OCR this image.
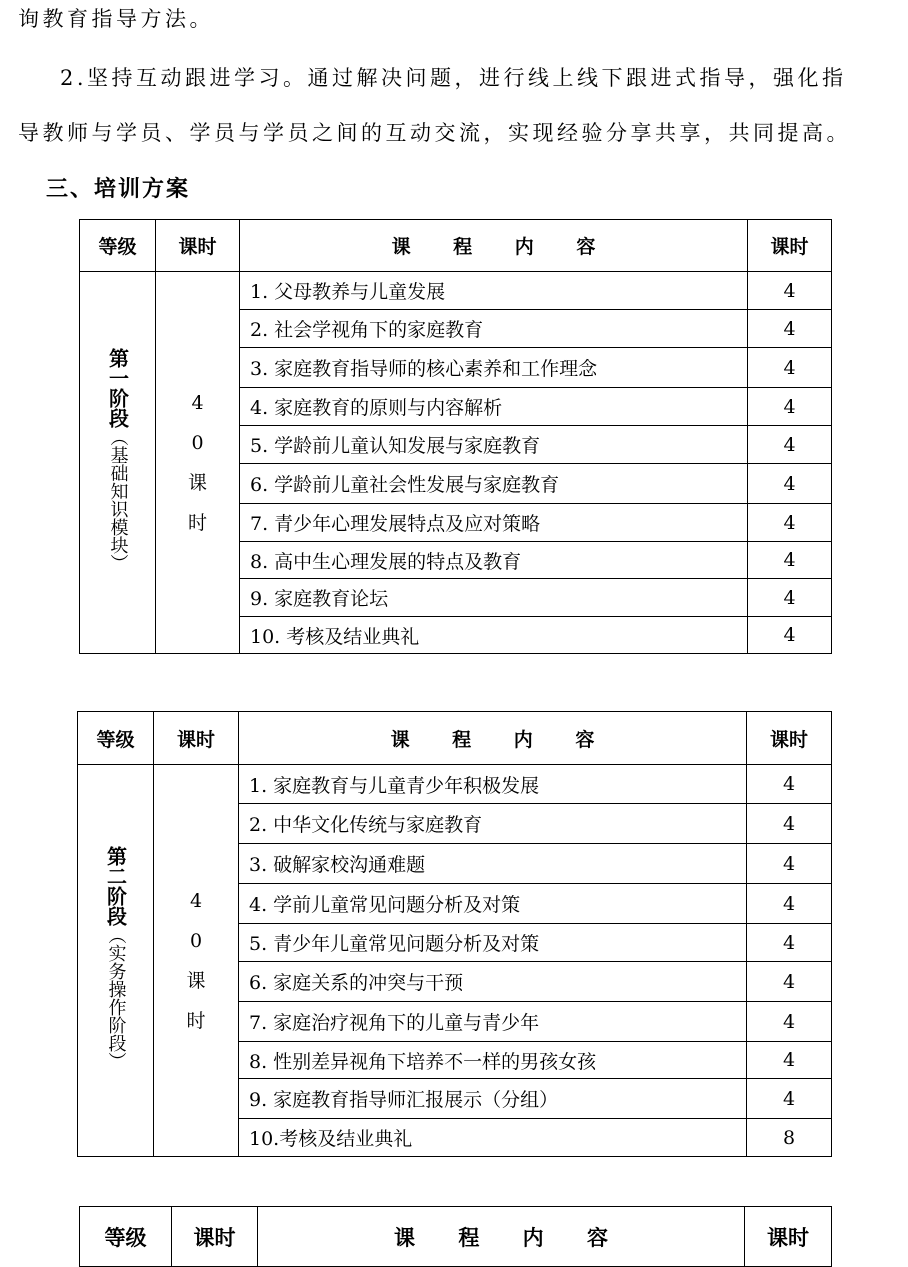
询教育指导方法。

2.坚持互动跟进学习。通过解决问题，进行线上线下跟进式指导，强化指

导教师与学员、学员与学员之间的互动交流，实现经验分享共享，共同提高。

三、培训方案
等级	课时	课 程 内 容	课时
第一阶段（基础知识模块）	40课时	1. 父母教养与儿童发展	4
		2. 社会学视角下的家庭教育	4
		3. 家庭教育指导师的核心素养和工作理念	4
		4. 家庭教育的原则与内容解析	4
		5. 学龄前儿童认知发展与家庭教育	4
		6. 学龄前儿童社会性发展与家庭教育	4
		7. 青少年心理发展特点及应对策略	4
		8. 高中生心理发展的特点及教育	4
		9. 家庭教育论坛	4
		10. 考核及结业典礼	4
等级	课时	课 程 内 容	课时
第二阶段（实务操作阶段）	40课时	1. 家庭教育与儿童青少年积极发展	4
		2. 中华文化传统与家庭教育	4
		3. 破解家校沟通难题	4
		4. 学前儿童常见问题分析及对策	4
		5. 青少年儿童常见问题分析及对策	4
		6. 家庭关系的冲突与干预	4
		7. 家庭治疗视角下的儿童与青少年	4
		8. 性别差异视角下培养不一样的男孩女孩	4
		9. 家庭教育指导师汇报展示（分组）	4
		10.考核及结业典礼	8
等级	课时	课 程 内 容	课时
